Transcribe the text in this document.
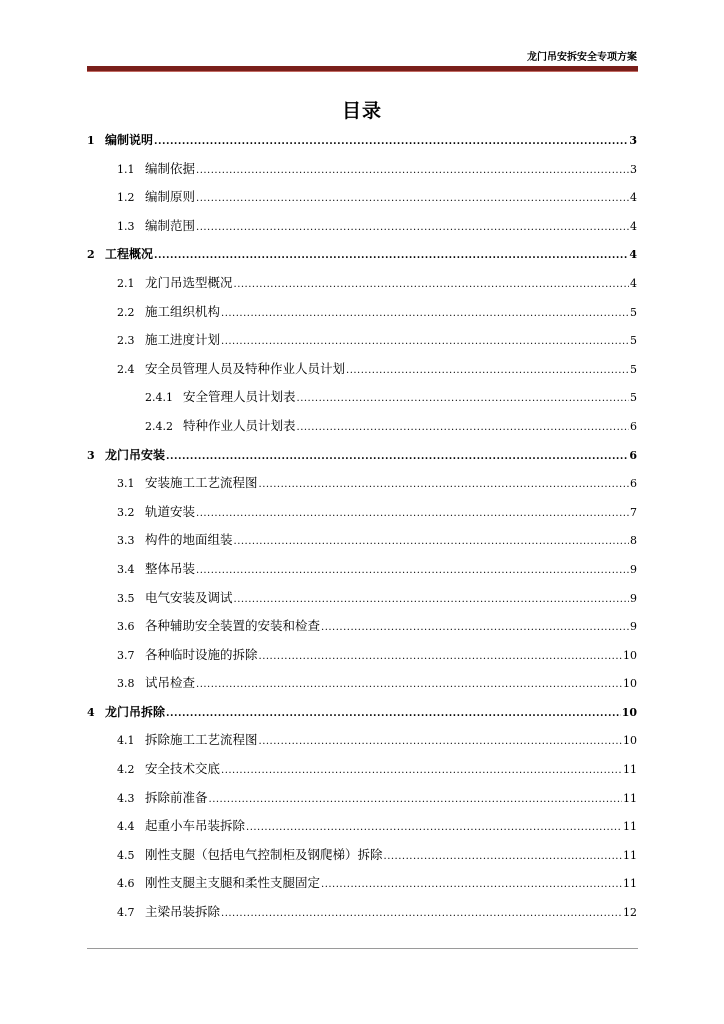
龙门吊安拆安全专项方案
目录
1 编制说明 .....	3
1.1 编制依据 .....	3
1.2 编制原则 .....	4
1.3 编制范围 .....	4
2 工程概况 .....	4
2.1 龙门吊选型概况 .....	4
2.2 施工组织机构 .....	5
2.3 施工进度计划 .....	5
2.4 安全员管理人员及特种作业人员计划 .....	5
2.4.1 安全管理人员计划表 .....	5
2.4.2 特种作业人员计划表 .....	6
3 龙门吊安装 .....	6
3.1 安装施工工艺流程图 .....	6
3.2 轨道安装 .....	7
3.3 构件的地面组装 .....	8
3.4 整体吊装 .....	9
3.5 电气安装及调试 .....	9
3.6 各种辅助安全装置的安装和检查 .....	9
3.7 各种临时设施的拆除 .....	10
3.8 试吊检查 .....	10
4 龙门吊拆除 .....	10
4.1 拆除施工工艺流程图 .....	10
4.2 安全技术交底 .....	11
4.3 拆除前准备 .....	11
4.4 起重小车吊装拆除 .....	11
4.5 刚性支腿（包括电气控制柜及钢爬梯）拆除 .....	11
4.6 刚性支腿主支腿和柔性支腿固定 .....	11
4.7 主梁吊装拆除 .....	12
